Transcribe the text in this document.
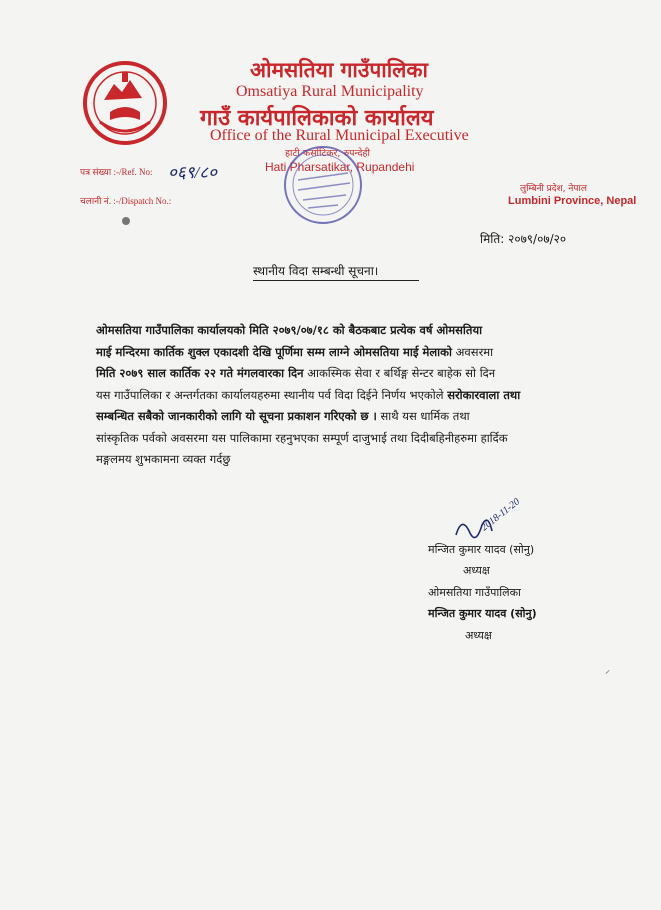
ओमसतिया गाउँपालिका
Omsatiya Rural Municipality
गाउँ कार्यपालिकाको कार्यालय
Office of the Rural Municipal Executive
हाटी फर्साटिकर, रुपन्देही
Hati Pharsatikar, Rupandehi
लुम्बिनी प्रदेश, नेपाल
Lumbini Province, Nepal
पत्र संख्या :-/Ref. No: ०६९/८०
चलानी नं. :-/Dispatch No.:
मिति: २०७९/०७/२०
स्थानीय विदा सम्बन्धी सूचना।
ओमसतिया गाउँपालिका कार्यालयको मिति २०७९/०७/१८ को बैठकबाट प्रत्येक वर्ष ओमसतिया
माई मन्दिरमा कार्तिक शुक्ल एकादशी देखि पूर्णिमा सम्म लाग्ने ओमसतिया माई मेलाको अवसरमा
मिति २०७९ साल कार्तिक २२ गते मंगलवारका दिन आकस्मिक सेवा र बर्थिङ्ग सेन्टर बाहेक सो दिन
यस गाउँपालिका र अन्तर्गतका कार्यालयहरुमा स्थानीय पर्व विदा दिईने निर्णय भएकोले सरोकारवाला तथा
सम्बन्धित सबैको जानकारीको लागि यो सूचना प्रकाशन गरिएको छ । साथै यस धार्मिक तथा
सांस्कृतिक पर्वको अवसरमा यस पालिकामा रहनुभएका सम्पूर्ण दाजुभाई तथा दिदीबहिनीहरुमा हार्दिक
मङ्गलमय शुभकामना व्यक्त गर्दछु
2018-11-20
मन्जित कुमार यादव (सोनु)
अध्यक्ष
ओमसतिया गाउँपालिका
मन्जित कुमार यादव (सोनु)
अध्यक्ष
⸝
